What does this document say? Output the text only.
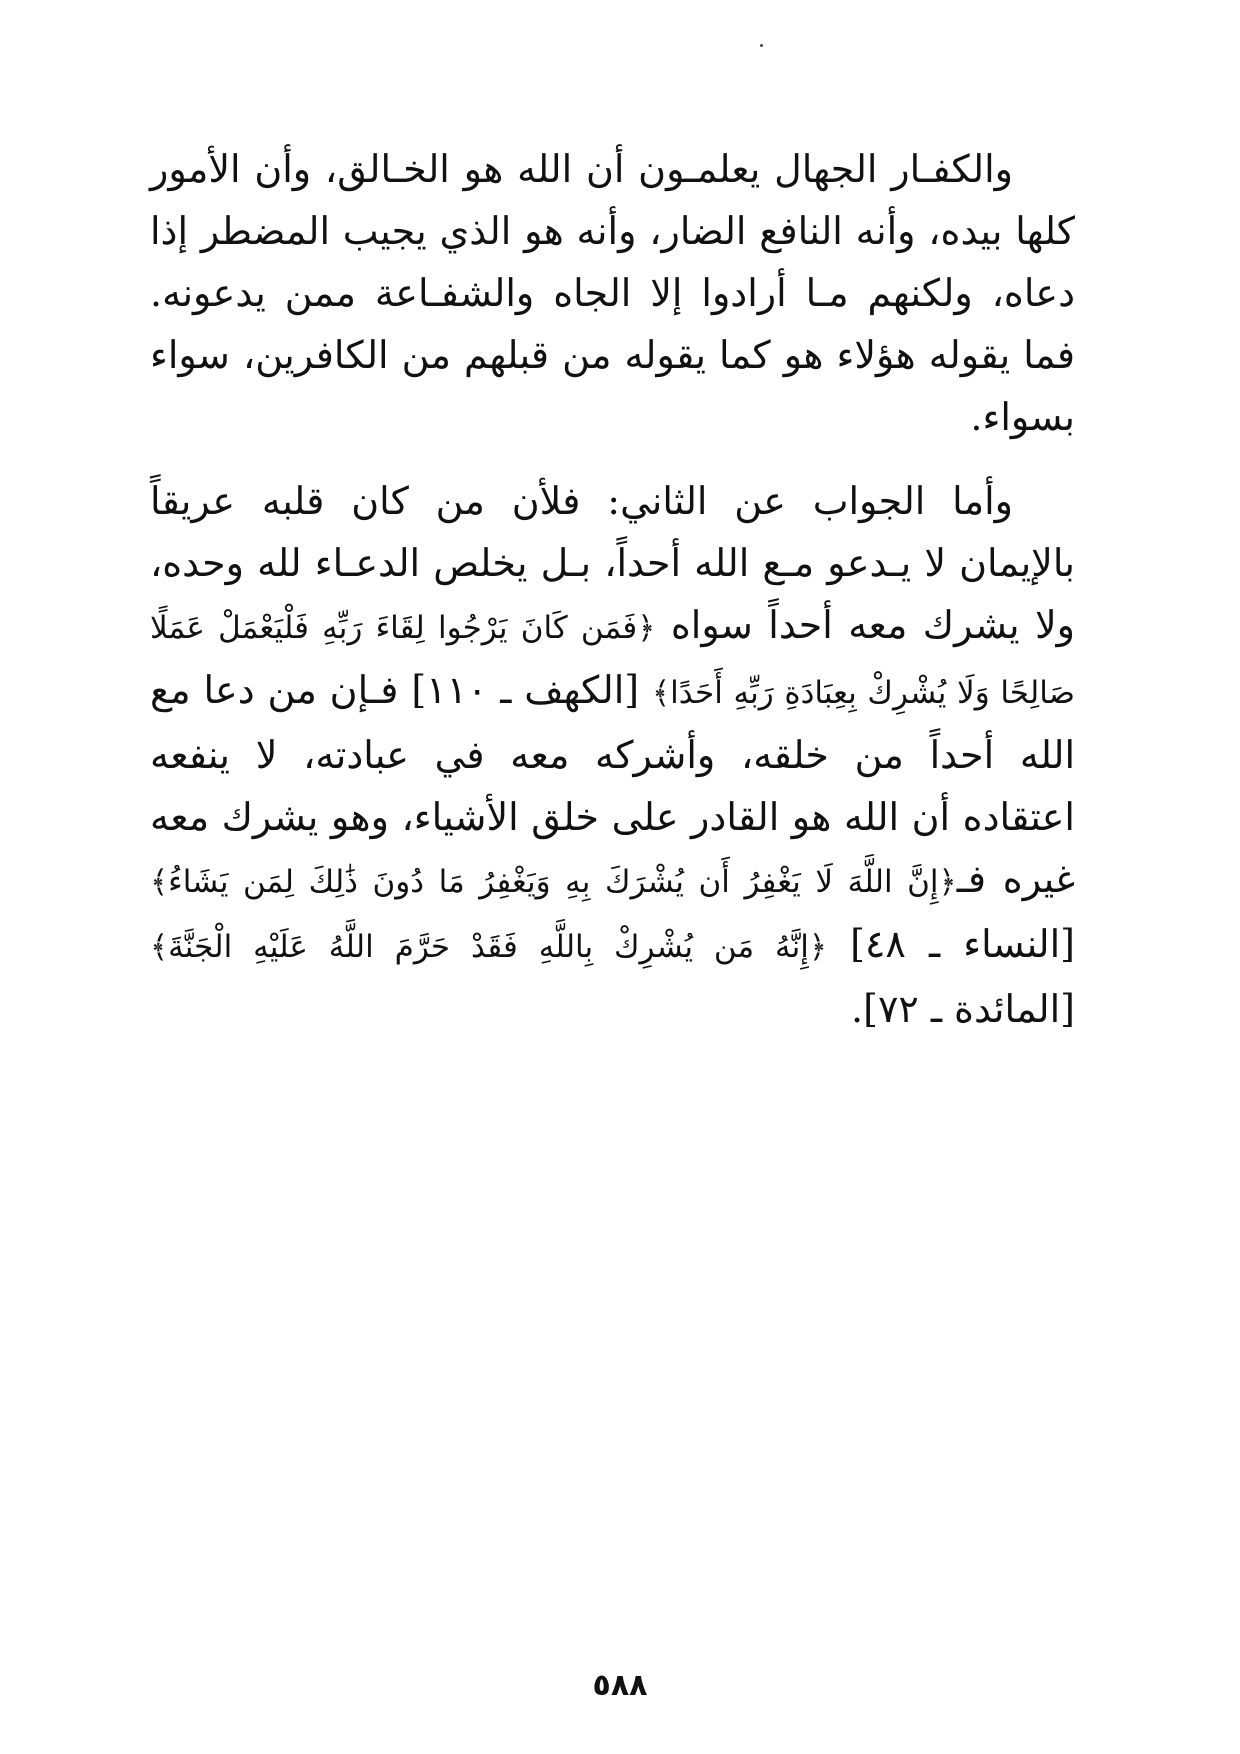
والكفـار الجهال يعلمـون أن الله هو الخـالق، وأن الأمور كلها بيده، وأنه النافع الضار، وأنه هو الذي يجيب المضطر إذا دعاه، ولكنهم مـا أرادوا إلا الجاه والشفـاعة ممن يدعونه. فما يقوله هؤلاء هو كما يقوله من قبلهم من الكافرين، سواء بسواء.

وأما الجواب عن الثاني: فلأن من كان قلبه عريقاً بالإيمان لا يـدعو مـع الله أحداً، بـل يخلص الدعـاء لله وحده، ولا يشرك معه أحداً سواه ﴿فَمَن كَانَ يَرْجُوا لِقَاءَ رَبِّهِ فَلْيَعْمَلْ عَمَلًا صَالِحًا وَلَا يُشْرِكْ بِعِبَادَةِ رَبِّهِ أَحَدًا﴾ [الكهف ـ ١١٠] فـإن من دعا مع الله أحداً من خلقه، وأشركه معه في عبادته، لا ينفعه اعتقاده أن الله هو القادر على خلق الأشياء، وهو يشرك معه غيره فـ﴿إِنَّ اللَّهَ لَا يَغْفِرُ أَن يُشْرَكَ بِهِ وَيَغْفِرُ مَا دُونَ ذَٰلِكَ لِمَن يَشَاءُ﴾ [النساء ـ ٤٨] ﴿إِنَّهُ مَن يُشْرِكْ بِاللَّهِ فَقَدْ حَرَّمَ اللَّهُ عَلَيْهِ الْجَنَّةَ﴾ [المائدة ـ ٧٢].

٥٨٨
